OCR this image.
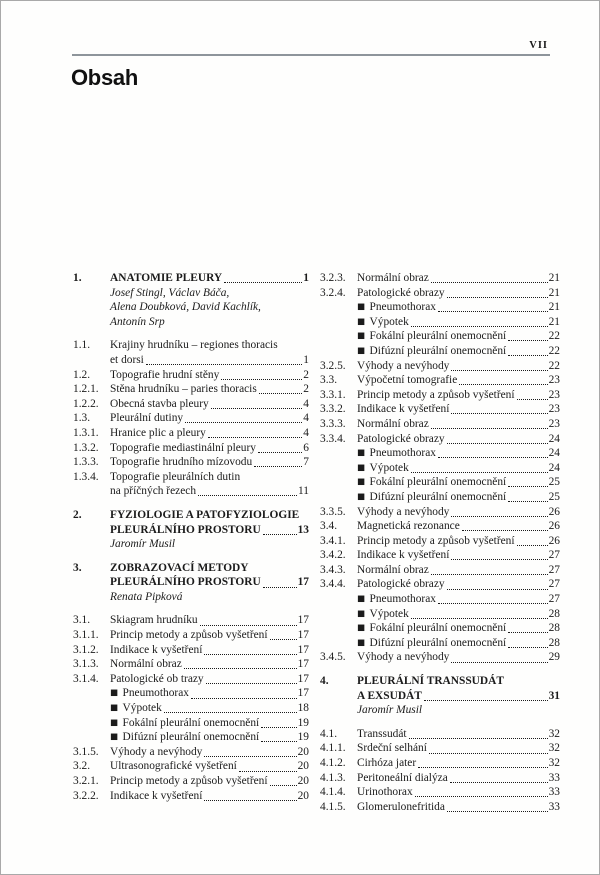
VII
Obsah
1.	ANATOMIE PLEURY	1
Josef Stingl, Václav Báča,
Alena Doubková, David Kachlík,
Antonín Srp
1.1.	Krajiny hrudníku – regiones thoracis
et dorsi	1
1.2.	Topografie hrudní stěny	2
1.2.1. Stěna hrudníku – paries thoracis	2
1.2.2. Obecná stavba pleury	4
1.3.	Pleurální dutiny	4
1.3.1. Hranice plic a pleury	4
1.3.2. Topografie mediastinální pleury	6
1.3.3. Topografie hrudního mízovodu	7
1.3.4. Topografie pleurálních dutin
na příčných řezech	11
2.	FYZIOLOGIE A PATOFYZIOLOGIE
PLEURÁLNÍHO PROSTORU	13
Jaromír Musil
3.	ZOBRAZOVACÍ METODY
PLEURÁLNÍHO PROSTORU	17
Renata Pipková
3.1.	Skiagram hrudníku	17
3.1.1. Princip metody a způsob vyšetření	17
3.1.2. Indikace k vyšetření	17
3.1.3. Normální obraz	17
3.1.4. Patologické ob trazy	17
■ Pneumothorax	17
■ Výpotek	18
■ Fokální pleurální onemocnění	19
■ Difúzní pleurální onemocnění	19
3.1.5. Výhody a nevýhody	20
3.2.	Ultrasonografické vyšetření	20
3.2.1. Princip metody a způsob vyšetření	20
3.2.2. Indikace k vyšetření	20
3.2.3. Normální obraz	21
3.2.4. Patologické obrazy	21
■ Pneumothorax	21
■ Výpotek	21
■ Fokální pleurální onemocnění	22
■ Difúzní pleurální onemocnění	22
3.2.5. Výhody a nevýhody	22
3.3.	Výpočetní tomografie	23
3.3.1. Princip metody a způsob vyšetření	23
3.3.2. Indikace k vyšetření	23
3.3.3. Normální obraz	23
3.3.4. Patologické obrazy	24
■ Pneumothorax	24
■ Výpotek	24
■ Fokální pleurální onemocnění	25
■ Difúzní pleurální onemocnění	25
3.3.5. Výhody a nevýhody	26
3.4.	Magnetická rezonance	26
3.4.1. Princip metody a způsob vyšetření	26
3.4.2. Indikace k vyšetření	27
3.4.3. Normální obraz	27
3.4.4. Patologické obrazy	27
■ Pneumothorax	27
■ Výpotek	28
■ Fokální pleurální onemocnění	28
■ Difúzní pleurální onemocnění	28
3.4.5. Výhody a nevýhody	29
4.	PLEURÁLNÍ TRANSSUDÁT
A EXSUDÁT	31
Jaromír Musil
4.1.	Transsudát	32
4.1.1. Srdeční selhání	32
4.1.2. Cirhóza jater	32
4.1.3. Peritoneální dialýza	33
4.1.4. Urinothorax	33
4.1.5. Glomerulonefritida	33
